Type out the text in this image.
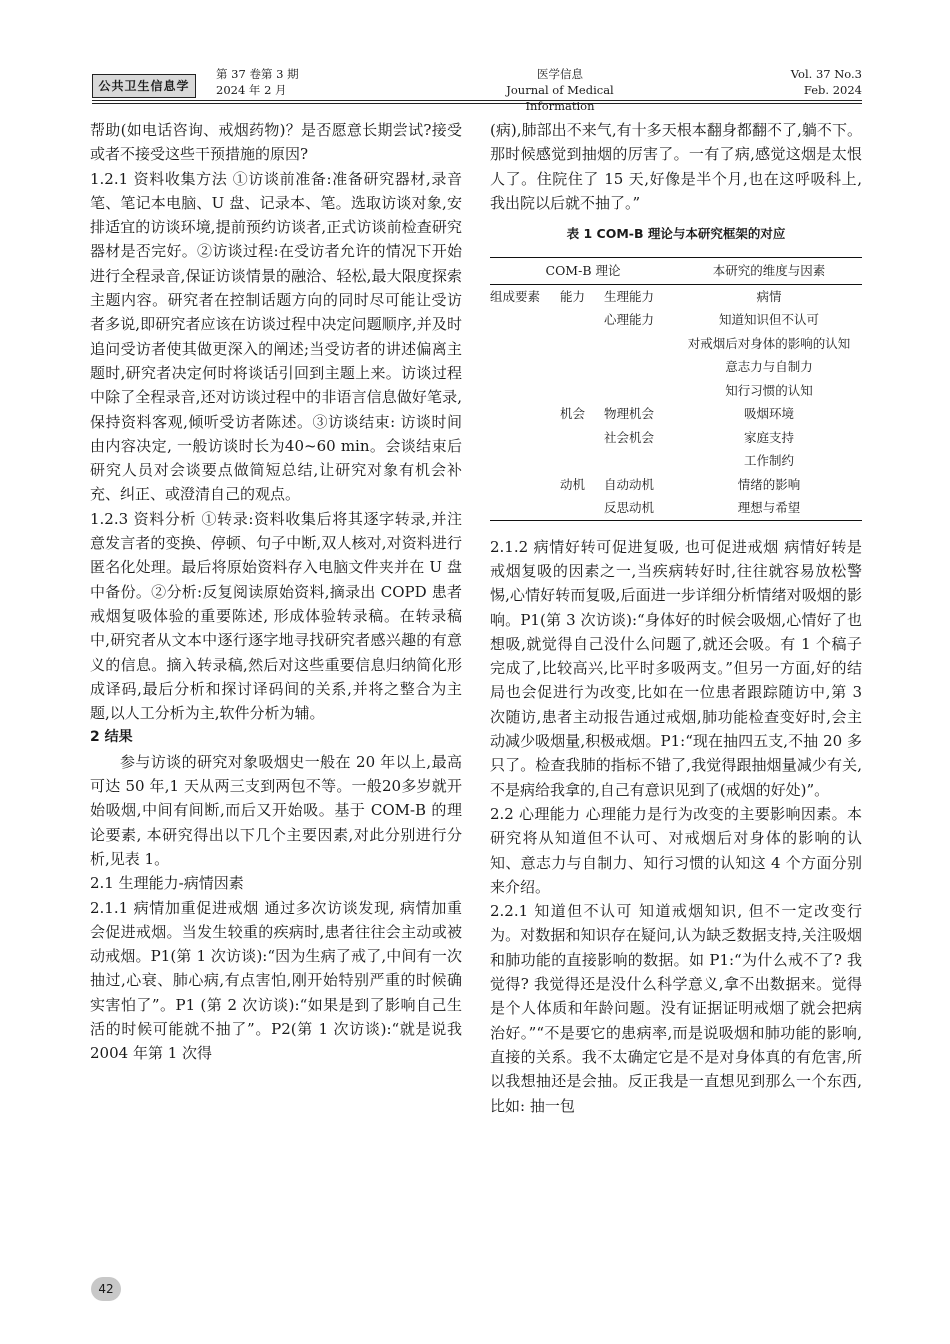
公共卫生信息学
第 37 卷第 3 期
2024 年 2 月
医学信息
Journal of Medical Information
Vol. 37 No.3
Feb. 2024

帮助(如电话咨询、戒烟药物)？是否愿意长期尝试?接受或者不接受这些干预措施的原因?

1.2.1 资料收集方法 ①访谈前准备:准备研究器材,录音笔、笔记本电脑、U 盘、记录本、笔。选取访谈对象,安排适宜的访谈环境,提前预约访谈者,正式访谈前检查研究器材是否完好。②访谈过程:在受访者允许的情况下开始进行全程录音,保证访谈情景的融洽、轻松,最大限度探索主题内容。研究者在控制话题方向的同时尽可能让受访者多说,即研究者应该在访谈过程中决定问题顺序,并及时追问受访者使其做更深入的阐述;当受访者的讲述偏离主题时,研究者决定何时将谈话引回到主题上来。访谈过程中除了全程录音,还对访谈过程中的非语言信息做好笔录,保持资料客观,倾听受访者陈述。③访谈结束: 访谈时间由内容决定, 一般访谈时长为40~60 min。会谈结束后研究人员对会谈要点做简短总结,让研究对象有机会补充、纠正、或澄清自己的观点。

1.2.3 资料分析 ①转录:资料收集后将其逐字转录,并注意发言者的变换、停顿、句子中断,双人核对,对资料进行匿名化处理。最后将原始资料存入电脑文件夹并在 U 盘中备份。②分析:反复阅读原始资料,摘录出 COPD 患者戒烟复吸体验的重要陈述, 形成体验转录稿。在转录稿中,研究者从文本中逐行逐字地寻找研究者感兴趣的有意义的信息。摘入转录稿,然后对这些重要信息归纳简化形成译码,最后分析和探讨译码间的关系,并将之整合为主题,以人工分析为主,软件分析为辅。

2 结果

参与访谈的研究对象吸烟史一般在 20 年以上,最高可达 50 年,1 天从两三支到两包不等。一般20多岁就开始吸烟,中间有间断,而后又开始吸。基于 COM-B 的理论要素, 本研究得出以下几个主要因素,对此分别进行分析,见表 1。

2.1 生理能力-病情因素

2.1.1 病情加重促进戒烟 通过多次访谈发现, 病情加重会促进戒烟。当发生较重的疾病时,患者往往会主动或被动戒烟。P1(第 1 次访谈):“因为生病了戒了,中间有一次抽过,心衰、肺心病,有点害怕,刚开始特别严重的时候确实害怕了”。P1 (第 2 次访谈):“如果是到了影响自己生活的时候可能就不抽了”。P2(第 1 次访谈):“就是说我 2004 年第 1 次得

(病),肺部出不来气,有十多天根本翻身都翻不了,躺不下。那时候感觉到抽烟的厉害了。一有了病,感觉这烟是太恨人了。住院住了 15 天,好像是半个月,也在这呼吸科上,我出院以后就不抽了。”

表 1 COM-B 理论与本研究框架的对应
COM-B 理论			本研究的维度与因素
组成要素	能力	生理能力	病情
		心理能力	知道知识但不认可
			对戒烟后对身体的影响的认知
			意志力与自制力
			知行习惯的认知
	机会	物理机会	吸烟环境
		社会机会	家庭支持
			工作制约
	动机	自动动机	情绪的影响
		反思动机	理想与希望

2.1.2 病情好转可促进复吸, 也可促进戒烟 病情好转是戒烟复吸的因素之一,当疾病转好时,往往就容易放松警惕,心情好转而复吸,后面进一步详细分析情绪对吸烟的影响。P1(第 3 次访谈):“身体好的时候会吸烟,心情好了也想吸,就觉得自己没什么问题了,就还会吸。有 1 个稿子完成了,比较高兴,比平时多吸两支。”但另一方面,好的结局也会促进行为改变,比如在一位患者跟踪随访中,第 3 次随访,患者主动报告通过戒烟,肺功能检查变好时,会主动减少吸烟量,积极戒烟。P1:“现在抽四五支,不抽 20 多只了。检查我肺的指标不错了,我觉得跟抽烟量减少有关,不是病给我拿的,自己有意识见到了(戒烟的好处)”。

2.2 心理能力 心理能力是行为改变的主要影响因素。本研究将从知道但不认可、对戒烟后对身体的影响的认知、意志力与自制力、知行习惯的认知这 4 个方面分别来介绍。

2.2.1 知道但不认可 知道戒烟知识, 但不一定改变行为。对数据和知识存在疑问,认为缺乏数据支持,关注吸烟和肺功能的直接影响的数据。如 P1:“为什么戒不了? 我觉得? 我觉得还是没什么科学意义,拿不出数据来。觉得是个人体质和年龄问题。没有证据证明戒烟了就会把病治好。”“不是要它的患病率,而是说吸烟和肺功能的影响,直接的关系。我不太确定它是不是对身体真的有危害,所以我想抽还是会抽。反正我是一直想见到那么一个东西, 比如: 抽一包

42
